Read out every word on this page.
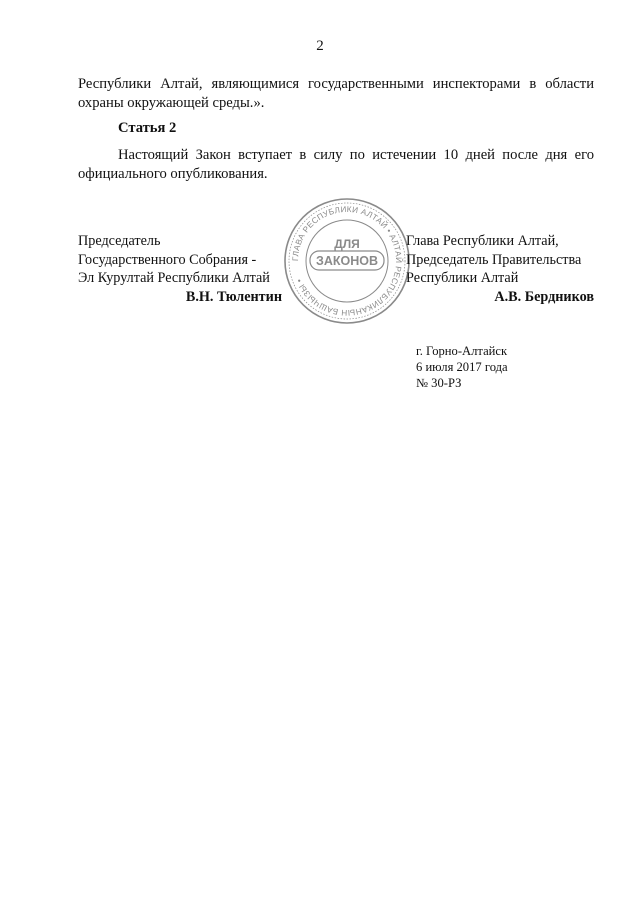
2

Республики Алтай, являющимися государственными инспекторами в области
охраны окружающей среды.».

Статья 2

Настоящий Закон вступает в силу по истечении 10 дней после дня его официального опубликования.

Председатель
Государственного Собрания -
Эл Курултай Республики Алтай
В.Н. Тюлентин
ГЛАВА РЕСПУБЛИКИ АЛТАЙ • АЛТАЙ РЕСПУБЛИКАНЫН БАШЧЫЗЫ •
ДЛЯ
ЗАКОНОВ
Глава Республики Алтай,
Председатель Правительства
Республики Алтай
А.В. Бердников
г. Горно-Алтайск
6 июля 2017 года
№ 30-РЗ
